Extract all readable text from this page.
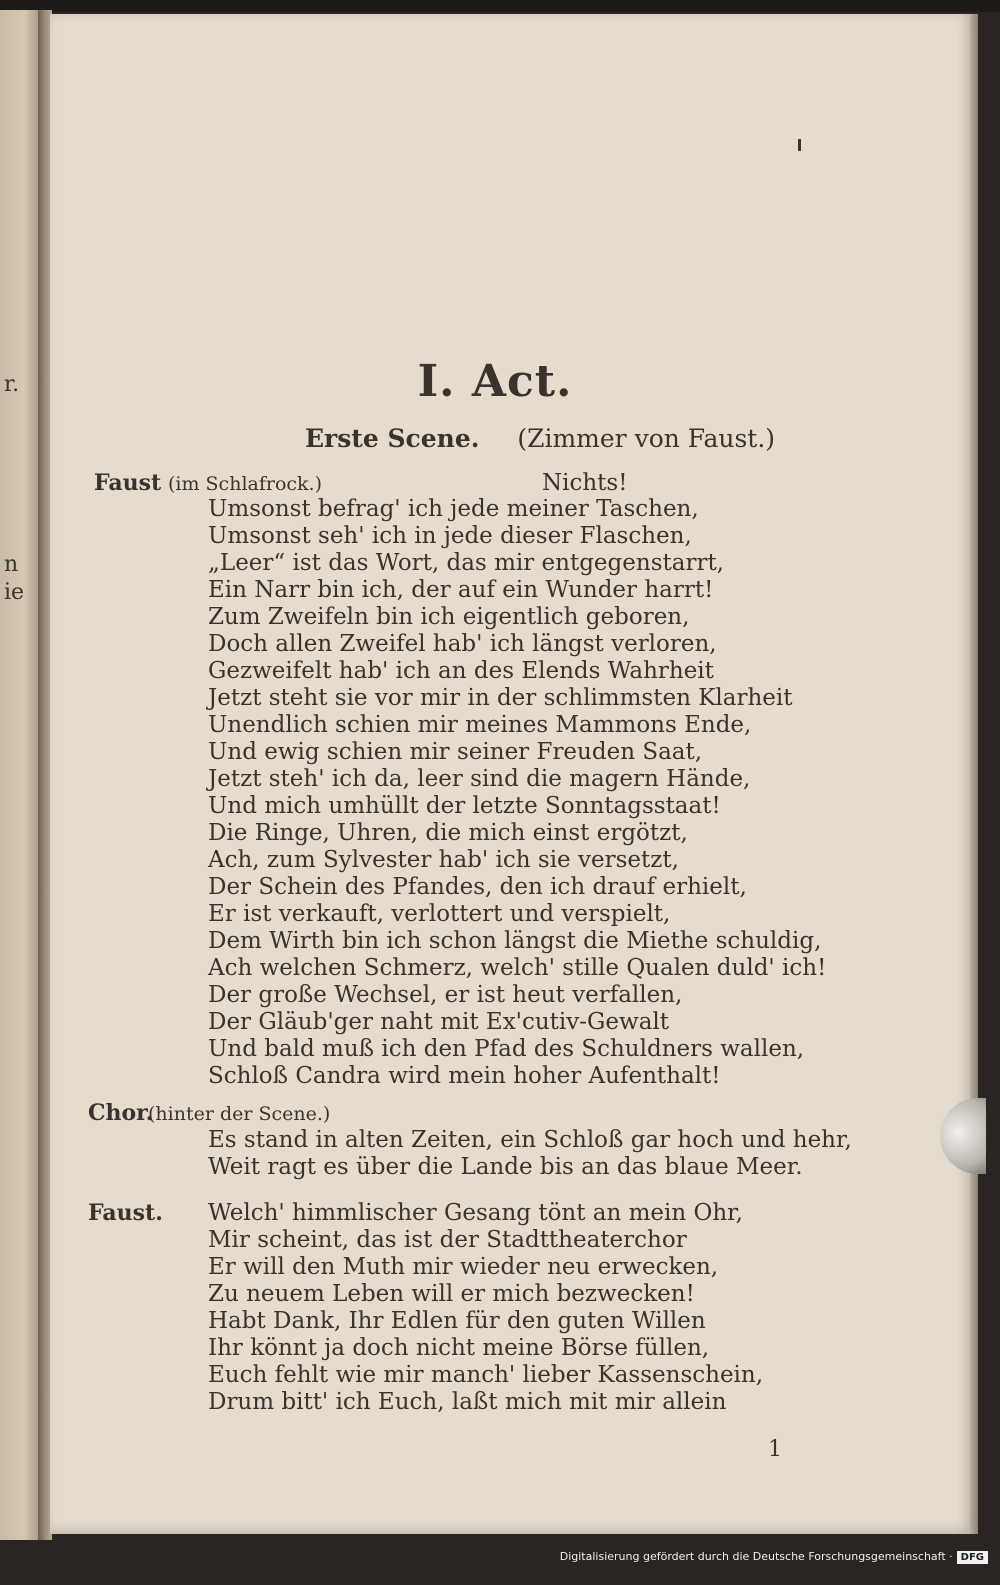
r.
n
ie
I. Act.
Erste Scene. (Zimmer von Faust.)
Faust (im Schlafrock.)	Nichts!
Umsonst befrag' ich jede meiner Taschen,
Umsonst seh' ich in jede dieser Flaschen,
„Leer“ ist das Wort, das mir entgegenstarrt,
Ein Narr bin ich, der auf ein Wunder harrt!
Zum Zweifeln bin ich eigentlich geboren,
Doch allen Zweifel hab' ich längst verloren,
Gezweifelt hab' ich an des Elends Wahrheit
Jetzt steht sie vor mir in der schlimmsten Klarheit
Unendlich schien mir meines Mammons Ende,
Und ewig schien mir seiner Freuden Saat,
Jetzt steh' ich da, leer sind die magern Hände,
Und mich umhüllt der letzte Sonntagsstaat!
Die Ringe, Uhren, die mich einst ergötzt,
Ach, zum Sylvester hab' ich sie versetzt,
Der Schein des Pfandes, den ich drauf erhielt,
Er ist verkauft, verlottert und verspielt,
Dem Wirth bin ich schon längst die Miethe schuldig,
Ach welchen Schmerz, welch' stille Qualen duld' ich!
Der große Wechsel, er ist heut verfallen,
Der Gläub'ger naht mit Ex'cutiv-Gewalt
Und bald muß ich den Pfad des Schuldners wallen,
Schloß Candra wird mein hoher Aufenthalt!
Chor.
(hinter der Scene.)
Es stand in alten Zeiten, ein Schloß gar hoch und hehr,
Weit ragt es über die Lande bis an das blaue Meer.
Faust. Welch' himmlischer Gesang tönt an mein Ohr,
Mir scheint, das ist der Stadttheaterchor
Er will den Muth mir wieder neu erwecken,
Zu neuem Leben will er mich bezwecken!
Habt Dank, Ihr Edlen für den guten Willen
Ihr könnt ja doch nicht meine Börse füllen,
Euch fehlt wie mir manch' lieber Kassenschein,
Drum bitt' ich Euch, laßt mich mit mir allein
1
Digitalisierung gefördert durch die Deutsche Forschungsgemeinschaft · DFG
